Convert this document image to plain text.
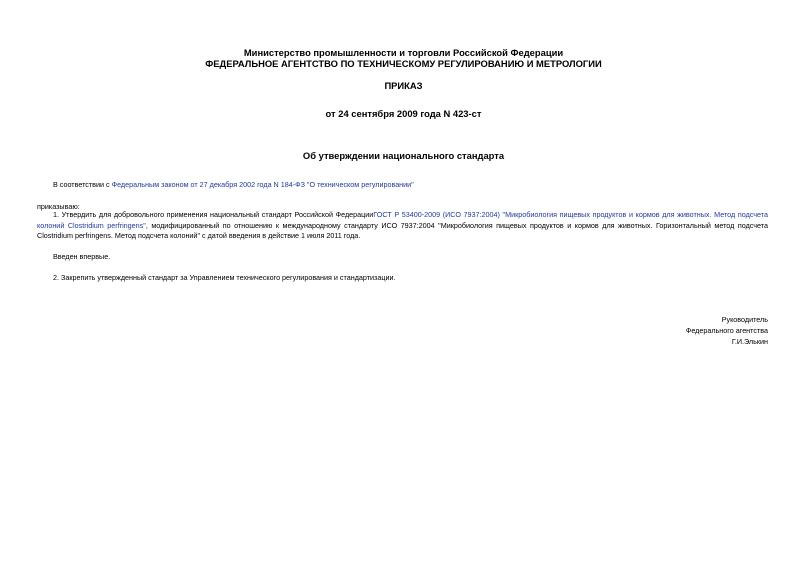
Министерство промышленности и торговли Российской Федерации
ФЕДЕРАЛЬНОЕ АГЕНТСТВО ПО ТЕХНИЧЕСКОМУ РЕГУЛИРОВАНИЮ И МЕТРОЛОГИИ
ПРИКАЗ
от 24 сентября 2009 года N 423-ст
Об утверждении национального стандарта
В соответствии с Федеральным законом от 27 декабря 2002 года N 184-ФЗ "О техническом регулировании"
приказываю:
1. Утвердить для добровольного применения национальный стандарт Российской ФедерацииГОСТ Р 53400-2009 (ИСО 7937:2004) "Микробиология пищевых продуктов и кормов для животных. Метод подсчета колоний Clostridium perfringens", модифицированный по отношению к международному стандарту ИСО 7937:2004 "Микробиология пищевых продуктов и кормов для животных. Горизонтальный метод подсчета Clostridium perfringens. Метод подсчета колоний" с датой введения в действие 1 июля 2011 года.
Введен впервые.
2. Закрепить утвержденный стандарт за Управлением технического регулирования и стандартизации.
Руководитель
Федерального агентства
Г.И.Элькин
